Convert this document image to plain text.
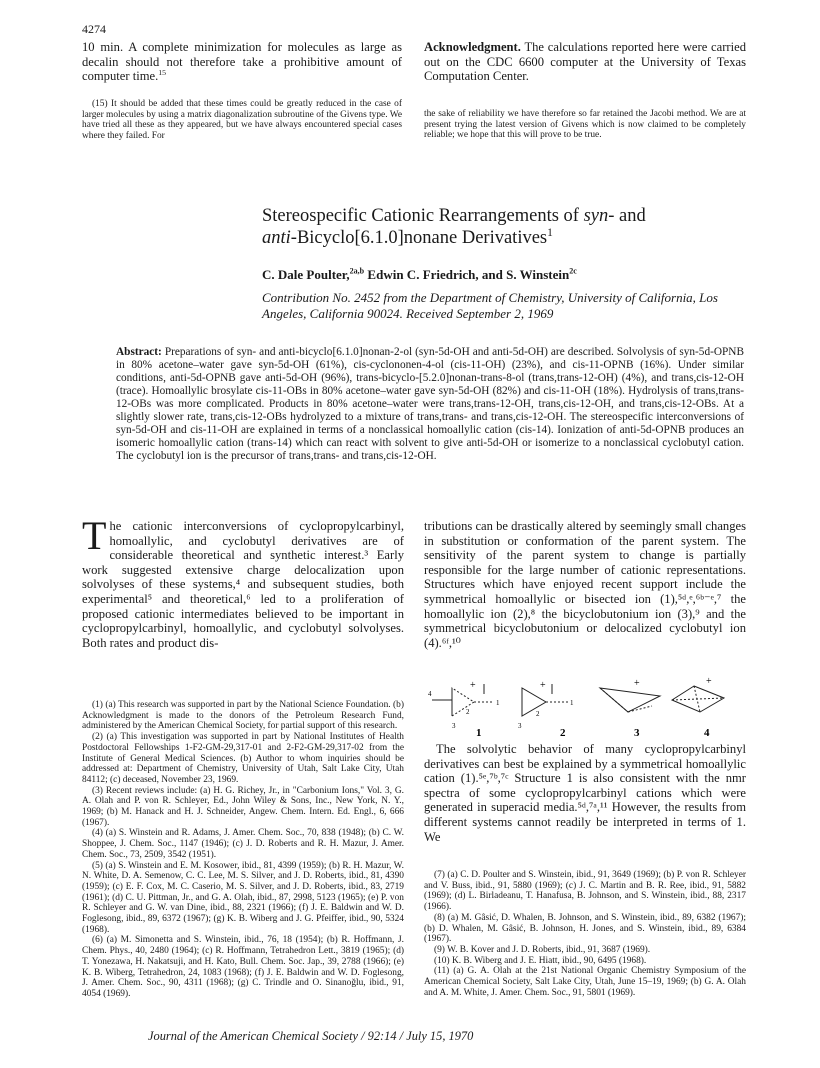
4274
10 min. A complete minimization for molecules as large as decalin should not therefore take a prohibitive amount of computer time.$^{15}$

(15) It should be added that these times could be greatly reduced in the case of larger molecules by using a matrix diagonalization subroutine of the Givens type. We have tried all these as they appeared, but we have always encountered special cases where they failed. For

Acknowledgment. The calculations reported here were carried out on the CDC 6600 computer at the University of Texas Computation Center.

the sake of reliability we have therefore so far retained the Jacobi method. We are at present trying the latest version of Givens which is now claimed to be completely reliable; we hope that this will prove to be true.

Stereospecific Cationic Rearrangements of syn- and
anti-Bicyclo[6.1.0]nonane Derivatives$^1$
C. Dale Poulter,$^{2a,b}$ Edwin C. Friedrich, and S. Winstein$^{2c}$
Contribution No. 2452 from the Department of Chemistry, University of California, Los Angeles, California 90024. Received September 2, 1969
Abstract: Preparations of syn- and anti-bicyclo[6.1.0]nonan-2-ol (syn-5d-OH and anti-5d-OH) are described. Solvolysis of syn-5d-OPNB in 80% acetone–water gave syn-5d-OH (61%), cis-cyclononen-4-ol (cis-11-OH) (23%), and cis-11-OPNB (16%). Under similar conditions, anti-5d-OPNB gave anti-5d-OH (96%), trans-bicyclo-[5.2.0]nonan-trans-8-ol (trans,trans-12-OH) (4%), and trans,cis-12-OH (trace). Homoallylic brosylate cis-11-OBs in 80% acetone–water gave syn-5d-OH (82%) and cis-11-OH (18%). Hydrolysis of trans,trans-12-OBs was more complicated. Products in 80% acetone–water were trans,trans-12-OH, trans,cis-12-OH, and trans,cis-12-OBs. At a slightly slower rate, trans,cis-12-OBs hydrolyzed to a mixture of trans,trans- and trans,cis-12-OH. The stereospecific interconversions of syn-5d-OH and cis-11-OH are explained in terms of a nonclassical homoallylic cation (cis-14). Ionization of anti-5d-OPNB produces an isomeric homoallylic cation (trans-14) which can react with solvent to give anti-5d-OH or isomerize to a nonclassical cyclobutyl cation. The cyclobutyl ion is the precursor of trans,trans- and trans,cis-12-OH.
T he cationic interconversions of cyclopropylcarbinyl, homoallylic, and cyclobutyl derivatives are of considerable theoretical and synthetic interest.³ Early work suggested extensive charge delocalization upon solvolyses of these systems,⁴ and subsequent studies, both experimental⁵ and theoretical,⁶ led to a proliferation of proposed cationic intermediates believed to be important in cyclopropylcarbinyl, homoallylic, and cyclobutyl solvolyses. Both rates and product dis-

(1) (a) This research was supported in part by the National Science Foundation. (b) Acknowledgment is made to the donors of the Petroleum Research Fund, administered by the American Chemical Society, for partial support of this research.

(2) (a) This investigation was supported in part by National Institutes of Health Postdoctoral Fellowships 1-F2-GM-29,317-01 and 2-F2-GM-29,317-02 from the Institute of General Medical Sciences. (b) Author to whom inquiries should be addressed at: Department of Chemistry, University of Utah, Salt Lake City, Utah 84112; (c) deceased, November 23, 1969.

(3) Recent reviews include: (a) H. G. Richey, Jr., in "Carbonium Ions," Vol. 3, G. A. Olah and P. von R. Schleyer, Ed., John Wiley & Sons, Inc., New York, N. Y., 1969; (b) M. Hanack and H. J. Schneider, Angew. Chem. Intern. Ed. Engl., 6, 666 (1967).

(4) (a) S. Winstein and R. Adams, J. Amer. Chem. Soc., 70, 838 (1948); (b) C. W. Shoppee, J. Chem. Soc., 1147 (1946); (c) J. D. Roberts and R. H. Mazur, J. Amer. Chem. Soc., 73, 2509, 3542 (1951).

(5) (a) S. Winstein and E. M. Kosower, ibid., 81, 4399 (1959); (b) R. H. Mazur, W. N. White, D. A. Semenow, C. C. Lee, M. S. Silver, and J. D. Roberts, ibid., 81, 4390 (1959); (c) E. F. Cox, M. C. Caserio, M. S. Silver, and J. D. Roberts, ibid., 83, 2719 (1961); (d) C. U. Pittman, Jr., and G. A. Olah, ibid., 87, 2998, 5123 (1965); (e) P. von R. Schleyer and G. W. van Dine, ibid., 88, 2321 (1966); (f) J. E. Baldwin and W. D. Foglesong, ibid., 89, 6372 (1967); (g) K. B. Wiberg and J. G. Pfeiffer, ibid., 90, 5324 (1968).

(6) (a) M. Simonetta and S. Winstein, ibid., 76, 18 (1954); (b) R. Hoffmann, J. Chem. Phys., 40, 2480 (1964); (c) R. Hoffmann, Tetrahedron Lett., 3819 (1965); (d) T. Yonezawa, H. Nakatsuji, and H. Kato, Bull. Chem. Soc. Jap., 39, 2788 (1966); (e) K. B. Wiberg, Tetrahedron, 24, 1083 (1968); (f) J. E. Baldwin and W. D. Foglesong, J. Amer. Chem. Soc., 90, 4311 (1968); (g) C. Trindle and O. Sinanoğlu, ibid., 91, 4054 (1969).

tributions can be drastically altered by seemingly small changes in substitution or conformation of the parent system. The sensitivity of the parent system to change is partially responsible for the large number of cationic representations. Structures which have enjoyed recent support include the symmetrical homoallylic or bisected ion (1),⁵ᵈ,ᵉ,⁶ᵇ⁻ᵉ,⁷ the homoallylic ion (2),⁸ the bicyclobutonium ion (3),⁹ and the symmetrical bicyclobutonium or delocalized cyclobutyl ion (4).⁶ᶠ,¹⁰
4
3
2
1
+
3
2
1
+	+	+
1	2	3	4

The solvolytic behavior of many cyclopropylcarbinyl derivatives can best be explained by a symmetrical homoallylic cation (1).⁵ᵉ,⁷ᵇ,⁷ᶜ Structure 1 is also consistent with the nmr spectra of some cyclopropylcarbinyl cations which were generated in superacid media.⁵ᵈ,⁷ᵃ,¹¹ However, the results from different systems cannot readily be interpreted in terms of 1. We

(7) (a) C. D. Poulter and S. Winstein, ibid., 91, 3649 (1969); (b) P. von R. Schleyer and V. Buss, ibid., 91, 5880 (1969); (c) J. C. Martin and B. R. Ree, ibid., 91, 5882 (1969); (d) L. Birladeanu, T. Hanafusa, B. Johnson, and S. Winstein, ibid., 88, 2317 (1966).

(8) (a) M. Gâsić, D. Whalen, B. Johnson, and S. Winstein, ibid., 89, 6382 (1967); (b) D. Whalen, M. Gâsić, B. Johnson, H. Jones, and S. Winstein, ibid., 89, 6384 (1967).

(9) W. B. Kover and J. D. Roberts, ibid., 91, 3687 (1969).

(10) K. B. Wiberg and J. E. Hiatt, ibid., 90, 6495 (1968).

(11) (a) G. A. Olah at the 21st National Organic Chemistry Symposium of the American Chemical Society, Salt Lake City, Utah, June 15–19, 1969; (b) G. A. Olah and A. M. White, J. Amer. Chem. Soc., 91, 5801 (1969).

Journal of the American Chemical Society / 92:14 / July 15, 1970
